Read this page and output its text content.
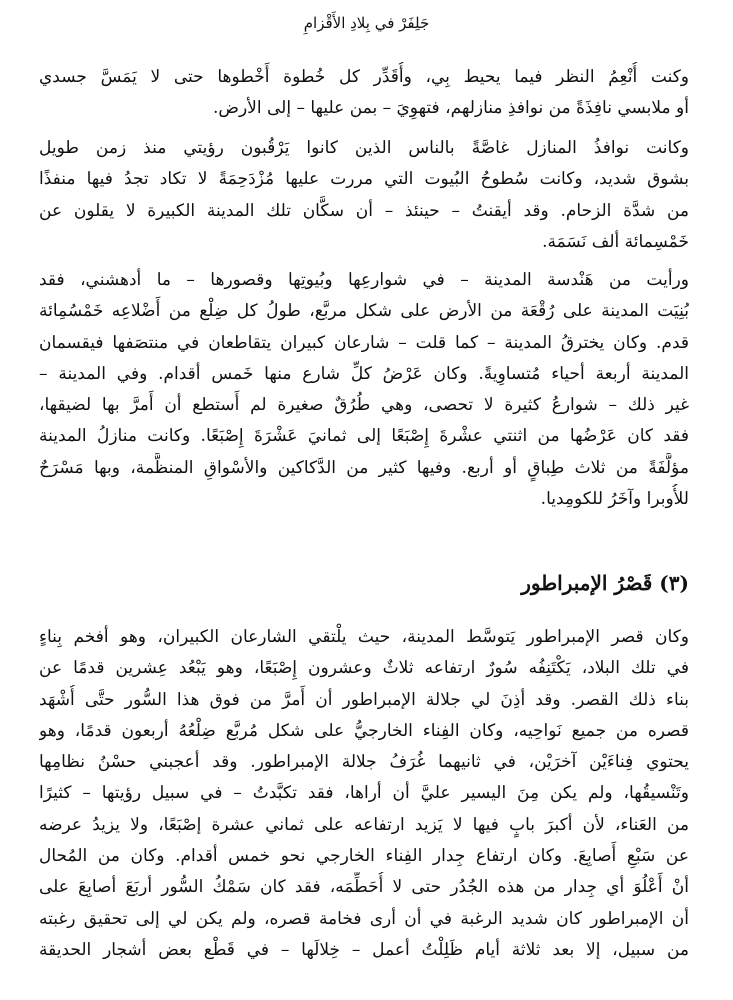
جَلِفَرْ في بِلادِ الأَقْزامِ

وكنت أُنْعِمُ النظر فيما يحيط بِي، وأُقَدِّر كل خُطوة أَخْطوها حتى لا يَمَسَّ جسدي
أو ملابسي نافِذَةً من نوافذِ منازلهم، فتهوِيَ – بمن عليها – إلى الأرض.

وكانت نوافذُ المنازل غاصَّةً بالناس الذين كانوا يَرْقُبون رؤيتي منذ زمن طويل
بشوق شديد، وكانت سُطوحُ البُيوت التي مررت عليها مُزْدَحِمَةً لا تكاد تجدُ فيها منفذًا
من شدَّة الزحام. وقد أيقنتُ – حينئذ – أن سكَّان تلك المدينة الكبيرة لا يقلون عن
خَمْسِمائة ألف نَسَمَة.

ورأيت من هَنْدسة المدينة – في شوارعِها وبُيوتِها وقصورها – ما أدهشني، فقد
بُنِيَت المدينة على رُقْعَة من الأرض على شكل مربَّع، طولُ كل ضِلْع من أَضْلاعِه خَمْسُمِائة
قدم. وكان يخترقُ المدينة – كما قلت – شارعان كبيران يتقاطعان في منتصَفها فيقسمان
المدينة أربعة أحياء مُتساوِيةً. وكان عَرْضُ كلِّ شارع منها خَمس أقدام. وفي المدينة –
غير ذلك – شوارعُ كثيرة لا تحصى، وهي طُرُقٌ صغيرة لم أَستطع أن أَمرَّ بها لضيقها،
فقد كان عَرْضُها من اثنتي عشْرةَ إِصْبَعًا إلى ثمانيَ عَشْرَةَ إِصْبَعًا. وكانت منازلُ المدينة
مؤلَّفَةً من ثلاث طِباقٍ أو أربع. وفيها كثير من الدَّكاكين والأسْواقِ المنظَّمة، وبها مَسْرَحٌ
للأُوبرا وآخَرُ للكومِديا.

(٣) قَصْرُ الإمبراطور

وكان قصر الإمبراطور يَتوسَّط المدينة، حيث يلْتقي الشارعان الكبيران، وهو أفخم بِناءٍ
في تلك البلاد، يَكْتَنِفُه سُورٌ ارتفاعه ثلاثٌ وعشرون إِصْبَعًا، وهو يَبْعُد عِشرين قدمًا عن
بناء ذلك القصر. وقد أذِنَ لي جلالة الإمبراطور أن أَمرَّ من فوق هذا السُّور حتَّى أُشْهَد
قصره من جميع نَواحِيه، وكان الفِناء الخارجيُّ على شكل مُربَّع ضِلْعُهُ أربعون قدمًا، وهو
يحتوي فِناءَيْن آخرَيْن، في ثانيهما غُرَفُ جلالة الإمبراطور. وقد أعجبني حسْنُ نظامِها
وتَنْسيقُها، ولم يكن مِنَ اليسير عليَّ أن أراها، فقد تكبَّدتُ – في سبيل رؤيتها – كثيرًا
من العَناء، لأن أكبرَ بابٍ فيها لا يَزيد ارتفاعه على ثماني عشرة إصْبَعًا، ولا يزيدُ عرضه
عن سَبْعِ أَصابِعَ. وكان ارتفاع جِدار الفِناء الخارجي نحو خمس أقدام. وكان من المُحال
أنْ أَعْلُوَ أي جِدار من هذه الجُدُر حتى لا أُحَطِّمَه، فقد كان سَمْكُ السُّور أربَعَ أصابِعَ على
أن الإمبراطور كان شديد الرغبة في أن أرى فخامة قصره، ولم يكن لي إلى تحقيق رغبته
من سبيل، إلا بعد ثلاثة أيام ظَلِلْتُ أعمل – خِلالَها – في قَطْع بعض أشجار الحديقة
